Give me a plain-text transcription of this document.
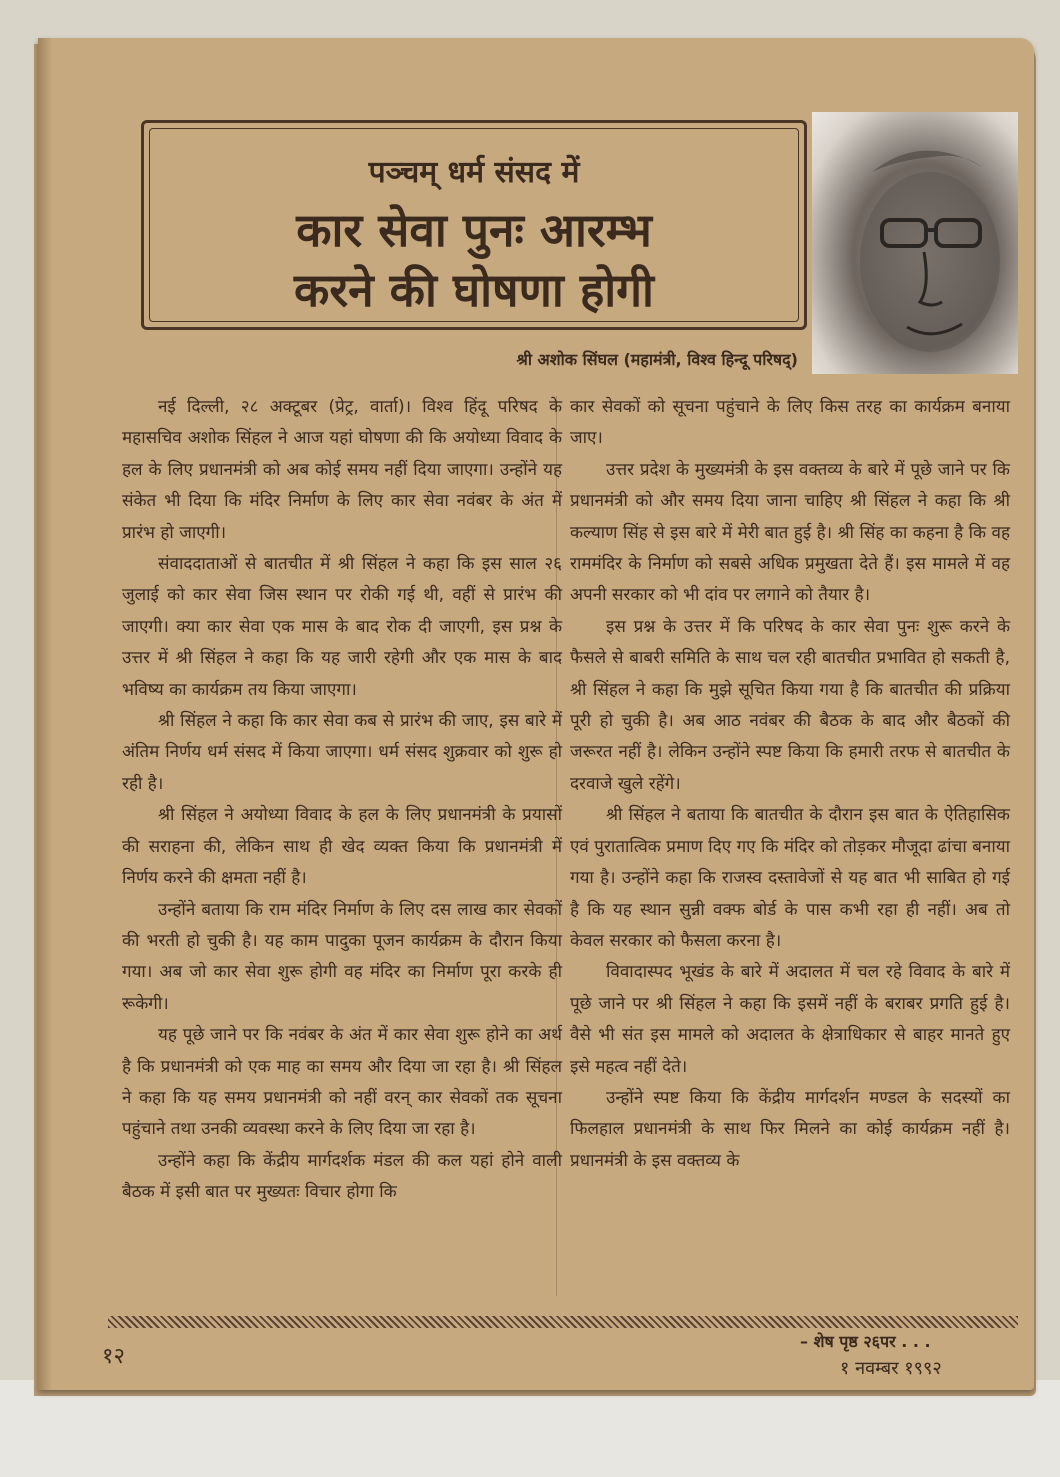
पञ्चम् धर्म संसद में
कार सेवा पुनः आरम्भ
करने की घोषणा होगी
श्री अशोक सिंघल (महामंत्री, विश्व हिन्दू परिषद्)

नई दिल्ली, २८ अक्टूबर (प्रेट्र, वार्ता)। विश्व हिंदू परिषद के महासचिव अशोक सिंहल ने आज यहां घोषणा की कि अयोध्या विवाद के हल के लिए प्रधानमंत्री को अब कोई समय नहीं दिया जाएगा। उन्होंने यह संकेत भी दिया कि मंदिर निर्माण के लिए कार सेवा नवंबर के अंत में प्रारंभ हो जाएगी।

संवाददाताओं से बातचीत में श्री सिंहल ने कहा कि इस साल २६ जुलाई को कार सेवा जिस स्थान पर रोकी गई थी, वहीं से प्रारंभ की जाएगी। क्या कार सेवा एक मास के बाद रोक दी जाएगी, इस प्रश्न के उत्तर में श्री सिंहल ने कहा कि यह जारी रहेगी और एक मास के बाद भविष्य का कार्यक्रम तय किया जाएगा।

श्री सिंहल ने कहा कि कार सेवा कब से प्रारंभ की जाए, इस बारे में अंतिम निर्णय धर्म संसद में किया जाएगा। धर्म संसद शुक्रवार को शुरू हो रही है।

श्री सिंहल ने अयोध्या विवाद के हल के लिए प्रधानमंत्री के प्रयासों की सराहना की, लेकिन साथ ही खेद व्यक्त किया कि प्रधानमंत्री में निर्णय करने की क्षमता नहीं है।

उन्होंने बताया कि राम मंदिर निर्माण के लिए दस लाख कार सेवकों की भरती हो चुकी है। यह काम पादुका पूजन कार्यक्रम के दौरान किया गया। अब जो कार सेवा शुरू होगी वह मंदिर का निर्माण पूरा करके ही रूकेगी।

यह पूछे जाने पर कि नवंबर के अंत में कार सेवा शुरू होने का अर्थ है कि प्रधानमंत्री को एक माह का समय और दिया जा रहा है। श्री सिंहल ने कहा कि यह समय प्रधानमंत्री को नहीं वरन् कार सेवकों तक सूचना पहुंचाने तथा उनकी व्यवस्था करने के लिए दिया जा रहा है।

उन्होंने कहा कि केंद्रीय मार्गदर्शक मंडल की कल यहां होने वाली बैठक में इसी बात पर मुख्यतः विचार होगा कि

कार सेवकों को सूचना पहुंचाने के लिए किस तरह का कार्यक्रम बनाया जाए।

उत्तर प्रदेश के मुख्यमंत्री के इस वक्तव्य के बारे में पूछे जाने पर कि प्रधानमंत्री को और समय दिया जाना चाहिए श्री सिंहल ने कहा कि श्री कल्याण सिंह से इस बारे में मेरी बात हुई है। श्री सिंह का कहना है कि वह राममंदिर के निर्माण को सबसे अधिक प्रमुखता देते हैं। इस मामले में वह अपनी सरकार को भी दांव पर लगाने को तैयार है।

इस प्रश्न के उत्तर में कि परिषद के कार सेवा पुनः शुरू करने के फैसले से बाबरी समिति के साथ चल रही बातचीत प्रभावित हो सकती है, श्री सिंहल ने कहा कि मुझे सूचित किया गया है कि बातचीत की प्रक्रिया पूरी हो चुकी है। अब आठ नवंबर की बैठक के बाद और बैठकों की जरूरत नहीं है। लेकिन उन्होंने स्पष्ट किया कि हमारी तरफ से बातचीत के दरवाजे खुले रहेंगे।

श्री सिंहल ने बताया कि बातचीत के दौरान इस बात के ऐतिहासिक एवं पुरातात्विक प्रमाण दिए गए कि मंदिर को तोड़कर मौजूदा ढांचा बनाया गया है। उन्होंने कहा कि राजस्व दस्तावेजों से यह बात भी साबित हो गई है कि यह स्थान सुन्नी वक्फ बोर्ड के पास कभी रहा ही नहीं। अब तो केवल सरकार को फैसला करना है।

विवादास्पद भूखंड के बारे में अदालत में चल रहे विवाद के बारे में पूछे जाने पर श्री सिंहल ने कहा कि इसमें नहीं के बराबर प्रगति हुई है। वैसे भी संत इस मामले को अदालत के क्षेत्राधिकार से बाहर मानते हुए इसे महत्व नहीं देते।

उन्होंने स्पष्ट किया कि केंद्रीय मार्गदर्शन मण्डल के सदस्यों का फिलहाल प्रधानमंत्री के साथ फिर मिलने का कोई कार्यक्रम नहीं है। प्रधानमंत्री के इस वक्तव्य के

१२
– शेष पृष्ठ २६पर . . .
१ नवम्बर १९९२
